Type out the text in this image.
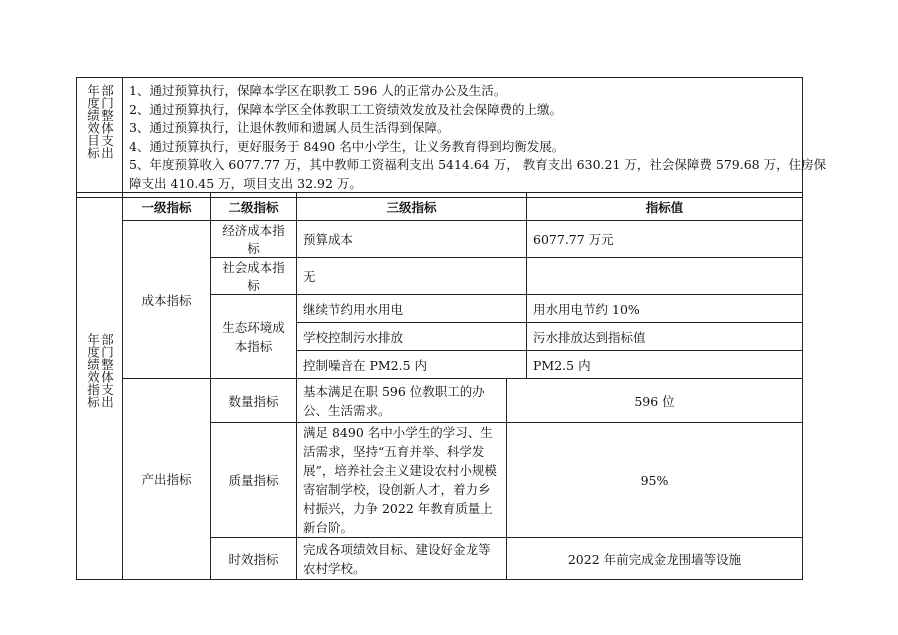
部门整体支出
年度绩效目标	1、通过预算执行，保障本学区在职教工 596 人的正常办公及生活。
2、通过预算执行，保障本学区全体教职工工资绩效发放及社会保障费的上缴。
3、通过预算执行，让退休教师和遗属人员生活得到保障。
4、通过预算执行，更好服务于 8490 名中小学生，让义务教育得到均衡发展。
5、年度预算收入 6077.77 万，其中教师工资福利支出 5414.64 万， 教育支出 630.21 万，社会保障费 579.68 万，住房保
障支出 410.45 万，项目支出 32.92 万。
部门整体支出
年度绩效指标	一级指标	二级指标	三级指标		指标值
	成本指标	经济成本指标	预算成本		6077.77 万元
		社会成本指标	无		
		生态环境成本指标	继续节约用水用电		用水用电节约 10%
			学校控制污水排放		污水排放达到指标值
			控制噪音在 PM2.5 内		PM2.5 内
	产出指标	数量指标	基本满足在职 596 位教职工的办公、生活需求。	596 位	
		质量指标	满足 8490 名中小学生的学习、生活需求，坚持“五育并举、科学发展”，培养社会主义建设农村小规模寄宿制学校，设创新人才，着力乡村振兴，力争 2022 年教育质量上新台阶。	95%	
		时效指标	完成各项绩效目标、建设好金龙等农村学校。	2022 年前完成金龙围墙等设施	
